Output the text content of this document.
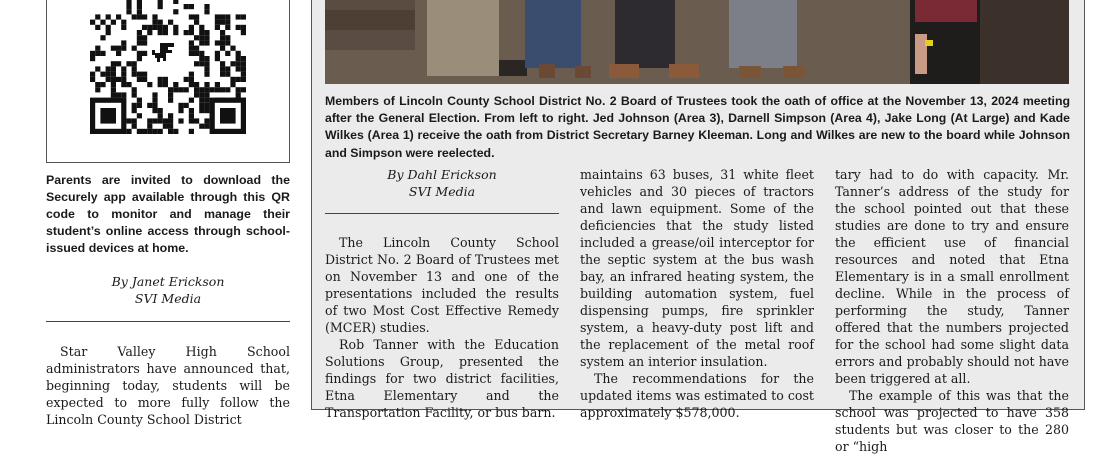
Parents are invited to download the Securely app available through this QR code to monitor and manage their student’s online access through school-issued devices at home.
By Janet Erickson
SVI Media

Star Valley High School administrators have announced that, beginning today, students will be expected to more fully follow the Lincoln County School District

Members of Lincoln County School District No. 2 Board of Trustees took the oath of office at the November 13, 2024 meeting after the General Election. From left to right. Jed Johnson (Area 3), Darnell Simpson (Area 4), Jake Long (At Large) and Kade Wilkes (Area 1) receive the oath from District Secretary Barney Kleeman. Long and Wilkes are new to the board while Johnson and Simpson were reelected.
By Dahl Erickson
SVI Media

The Lincoln County School District No. 2 Board of Trustees met on November 13 and one of the presentations included the results of two Most Cost Effective Remedy (MCER) studies.

Rob Tanner with the Education Solutions Group, presented the findings for two district facilities, Etna Elementary and the Transportation Facility, or bus barn.

maintains 63 buses, 31 white fleet vehicles and 30 pieces of tractors and lawn equipment. Some of the deficiencies that the study listed included a grease/oil interceptor for the septic system at the bus wash bay, an infrared heating system, the building automation system, fuel dispensing pumps, fire sprinkler system, a heavy-duty post lift and the replacement of the metal roof system an interior insulation.

The recommendations for the updated items was estimated to cost approximately $578,000.

tary had to do with capacity. Mr. Tanner’s address of the study for the school pointed out that these studies are done to try and ensure the efficient use of financial resources and noted that Etna Elementary is in a small enrollment decline. While in the process of performing the study, Tanner offered that the numbers projected for the school had some slight data errors and probably should not have been triggered at all.

The example of this was that the school was projected to have 358 students but was closer to the 280 or “high
